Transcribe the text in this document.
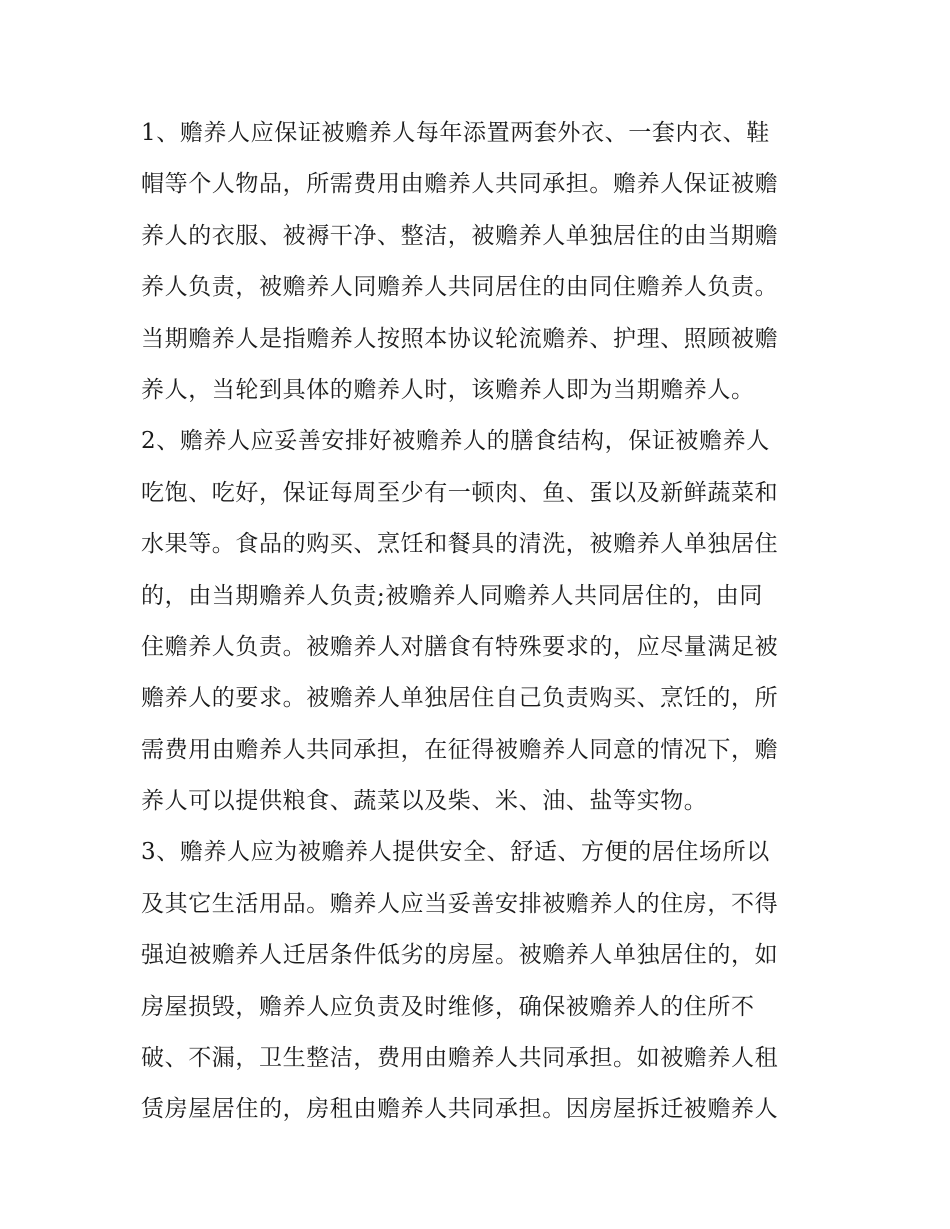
1、赡养人应保证被赡养人每年添置两套外衣、一套内衣、鞋
帽等个人物品，所需费用由赡养人共同承担。赡养人保证被赡
养人的衣服、被褥干净、整洁，被赡养人单独居住的由当期赡
养人负责，被赡养人同赡养人共同居住的由同住赡养人负责。
当期赡养人是指赡养人按照本协议轮流赡养、护理、照顾被赡
养人，当轮到具体的赡养人时，该赡养人即为当期赡养人。
2、赡养人应妥善安排好被赡养人的膳食结构，保证被赡养人
吃饱、吃好，保证每周至少有一顿肉、鱼、蛋以及新鲜蔬菜和
水果等。食品的购买、烹饪和餐具的清洗，被赡养人单独居住
的，由当期赡养人负责;被赡养人同赡养人共同居住的，由同
住赡养人负责。被赡养人对膳食有特殊要求的，应尽量满足被
赡养人的要求。被赡养人单独居住自己负责购买、烹饪的，所
需费用由赡养人共同承担，在征得被赡养人同意的情况下，赡
养人可以提供粮食、蔬菜以及柴、米、油、盐等实物。
3、赡养人应为被赡养人提供安全、舒适、方便的居住场所以
及其它生活用品。赡养人应当妥善安排被赡养人的住房，不得
强迫被赡养人迁居条件低劣的房屋。被赡养人单独居住的，如
房屋损毁，赡养人应负责及时维修，确保被赡养人的住所不
破、不漏，卫生整洁，费用由赡养人共同承担。如被赡养人租
赁房屋居住的，房租由赡养人共同承担。因房屋拆迁被赡养人
